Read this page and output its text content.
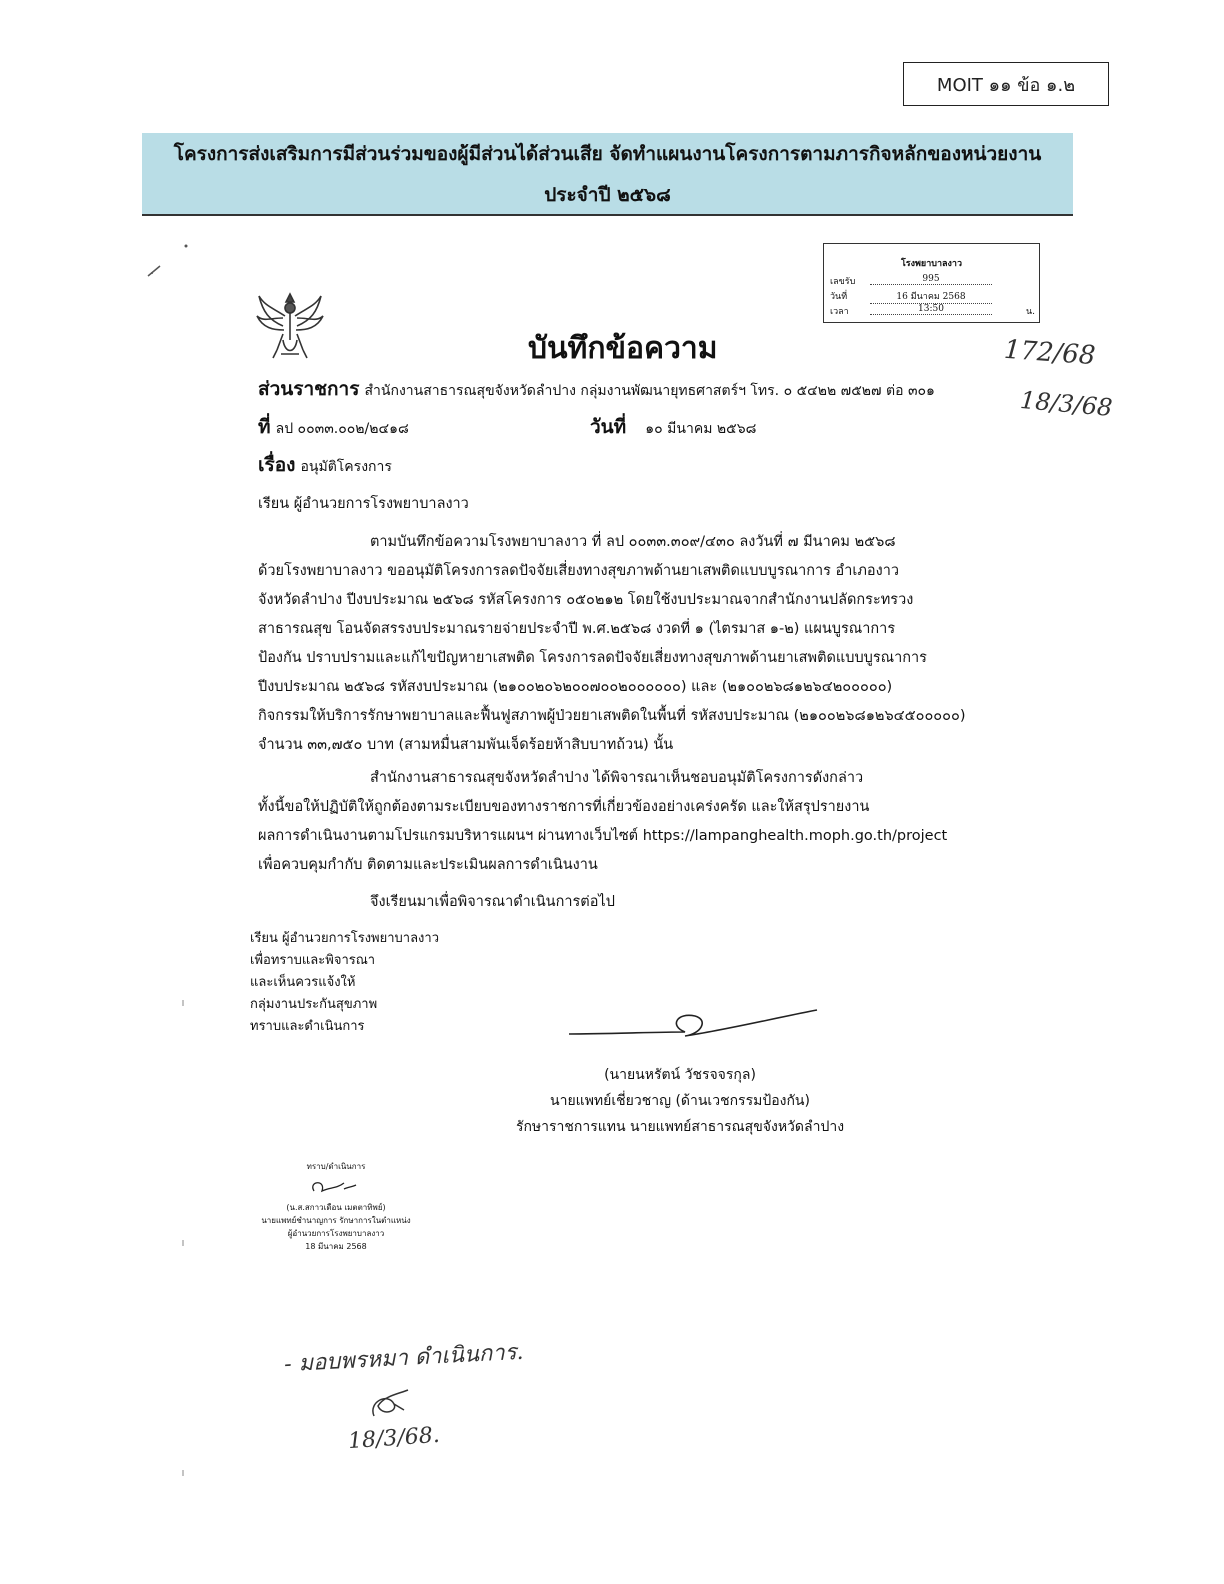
MOIT ๑๑ ข้อ ๑.๒
โครงการส่งเสริมการมีส่วนร่วมของผู้มีส่วนได้ส่วนเสีย จัดทำแผนงานโครงการตามภารกิจหลักของหน่วยงาน
ประจำปี ๒๕๖๘
โรงพยาบาลงาว
เลขรับ	995
วันที่	16 มีนาคม 2568
เวลา	13:50	น.
บันทึกข้อความ	172/68
18/3/68
ส่วนราชการ สำนักงานสาธารณสุขจังหวัดลำปาง กลุ่มงานพัฒนายุทธศาสตร์ฯ โทร. ๐ ๕๔๒๒ ๗๕๒๗ ต่อ ๓๐๑
ที่ ลป ๐๐๓๓.๐๐๒/๒๔๑๘	วันที่ ๑๐ มีนาคม ๒๕๖๘
เรื่อง อนุมัติโครงการ
เรียน ผู้อำนวยการโรงพยาบาลงาว
ตามบันทึกข้อความโรงพยาบาลงาว ที่ ลป ๐๐๓๓.๓๐๙/๔๓๐ ลงวันที่ ๗ มีนาคม ๒๕๖๘
ด้วยโรงพยาบาลงาว ขออนุมัติโครงการลดปัจจัยเสี่ยงทางสุขภาพด้านยาเสพติดแบบบูรณาการ อำเภองาว
จังหวัดลำปาง ปีงบประมาณ ๒๕๖๘ รหัสโครงการ ๐๕๐๒๑๒ โดยใช้งบประมาณจากสำนักงานปลัดกระทรวง
สาธารณสุข โอนจัดสรรงบประมาณรายจ่ายประจำปี พ.ศ.๒๕๖๘ งวดที่ ๑ (ไตรมาส ๑-๒) แผนบูรณาการ
ป้องกัน ปราบปรามและแก้ไขปัญหายาเสพติด โครงการลดปัจจัยเสี่ยงทางสุขภาพด้านยาเสพติดแบบบูรณาการ
ปีงบประมาณ ๒๕๖๘ รหัสงบประมาณ (๒๑๐๐๒๐๖๒๐๐๗๐๐๒๐๐๐๐๐๐) และ (๒๑๐๐๒๖๘๑๒๖๔๒๐๐๐๐๐)
กิจกรรมให้บริการรักษาพยาบาลและฟื้นฟูสภาพผู้ป่วยยาเสพติดในพื้นที่ รหัสงบประมาณ (๒๑๐๐๒๖๘๑๒๖๔๕๐๐๐๐๐)
จำนวน ๓๓,๗๕๐ บาท (สามหมื่นสามพันเจ็ดร้อยห้าสิบบาทถ้วน) นั้น
สำนักงานสาธารณสุขจังหวัดลำปาง ได้พิจารณาเห็นชอบอนุมัติโครงการดังกล่าว
ทั้งนี้ขอให้ปฏิบัติให้ถูกต้องตามระเบียบของทางราชการที่เกี่ยวข้องอย่างเคร่งครัด และให้สรุปรายงาน
ผลการดำเนินงานตามโปรแกรมบริหารแผนฯ ผ่านทางเว็บไซต์ https://lampanghealth.moph.go.th/project
เพื่อควบคุมกำกับ ติดตามและประเมินผลการดำเนินงาน
จึงเรียนมาเพื่อพิจารณาดำเนินการต่อไป
เรียน ผู้อำนวยการโรงพยาบาลงาว
เพื่อทราบและพิจารณา
และเห็นควรแจ้งให้
กลุ่มงานประกันสุขภาพ
ทราบและดำเนินการ
(นายนหรัตน์ วัชรจจรกุล)
นายแพทย์เชี่ยวชาญ (ด้านเวชกรรมป้องกัน)
รักษาราชการแทน นายแพทย์สาธารณสุขจังหวัดลำปาง
ทราบ/ดำเนินการ
(น.ส.สกาวเดือน เมตตาทิพย์)
นายแพทย์ชำนาญการ รักษาการในตำแหน่ง
ผู้อำนวยการโรงพยาบาลงาว
18 มีนาคม 2568
- มอบพรหมา ดำเนินการ.
18/3/68.
